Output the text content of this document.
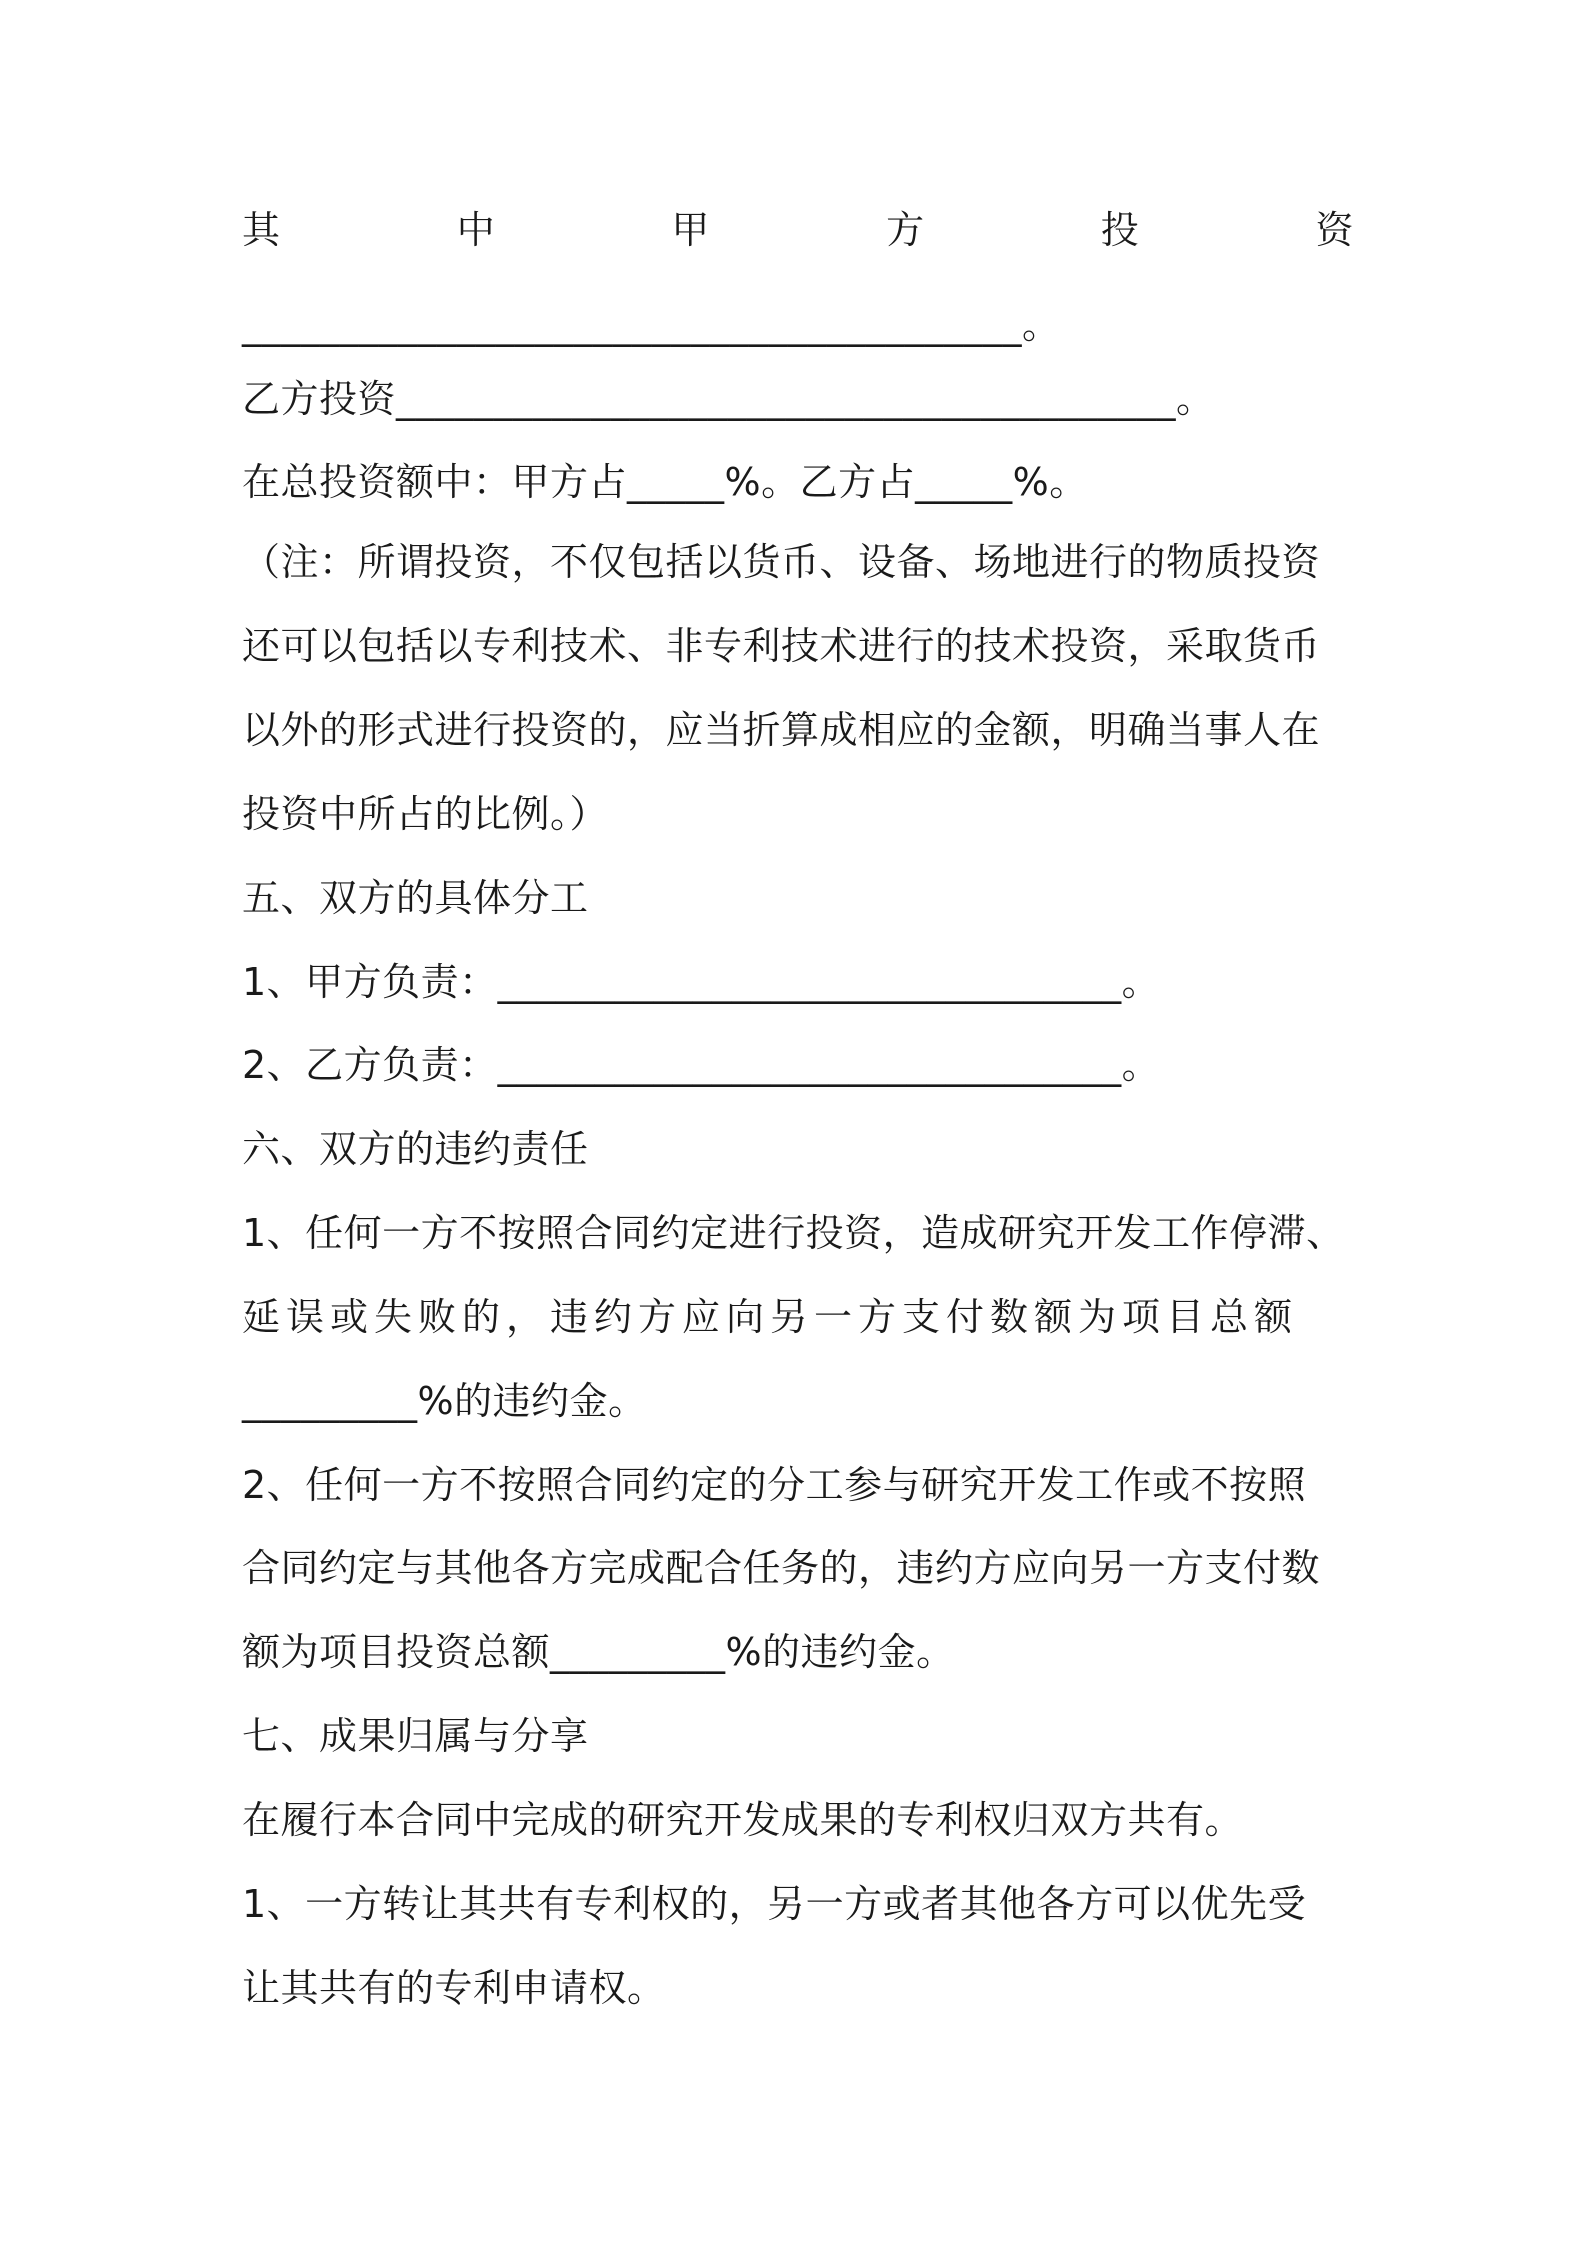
其	中	甲	方	投	资
________________________________________。
乙方投资________________________________________。
在总投资额中：甲方占_____%。乙方占_____%。
（注：所谓投资，不仅包括以货币、设备、场地进行的物质投资
还可以包括以专利技术、非专利技术进行的技术投资，采取货币
以外的形式进行投资的，应当折算成相应的金额，明确当事人在
投资中所占的比例。）
五、双方的具体分工
1、甲方负责：________________________________。
2、乙方负责：________________________________。
六、双方的违约责任
1、任何一方不按照合同约定进行投资，造成研究开发工作停滞、
延误或失败的，违约方应向另一方支付数额为项目总额
_________%的违约金。
2、任何一方不按照合同约定的分工参与研究开发工作或不按照
合同约定与其他各方完成配合任务的，违约方应向另一方支付数
额为项目投资总额_________%的违约金。
七、成果归属与分享
在履行本合同中完成的研究开发成果的专利权归双方共有。
1、一方转让其共有专利权的，另一方或者其他各方可以优先受
让其共有的专利申请权。
